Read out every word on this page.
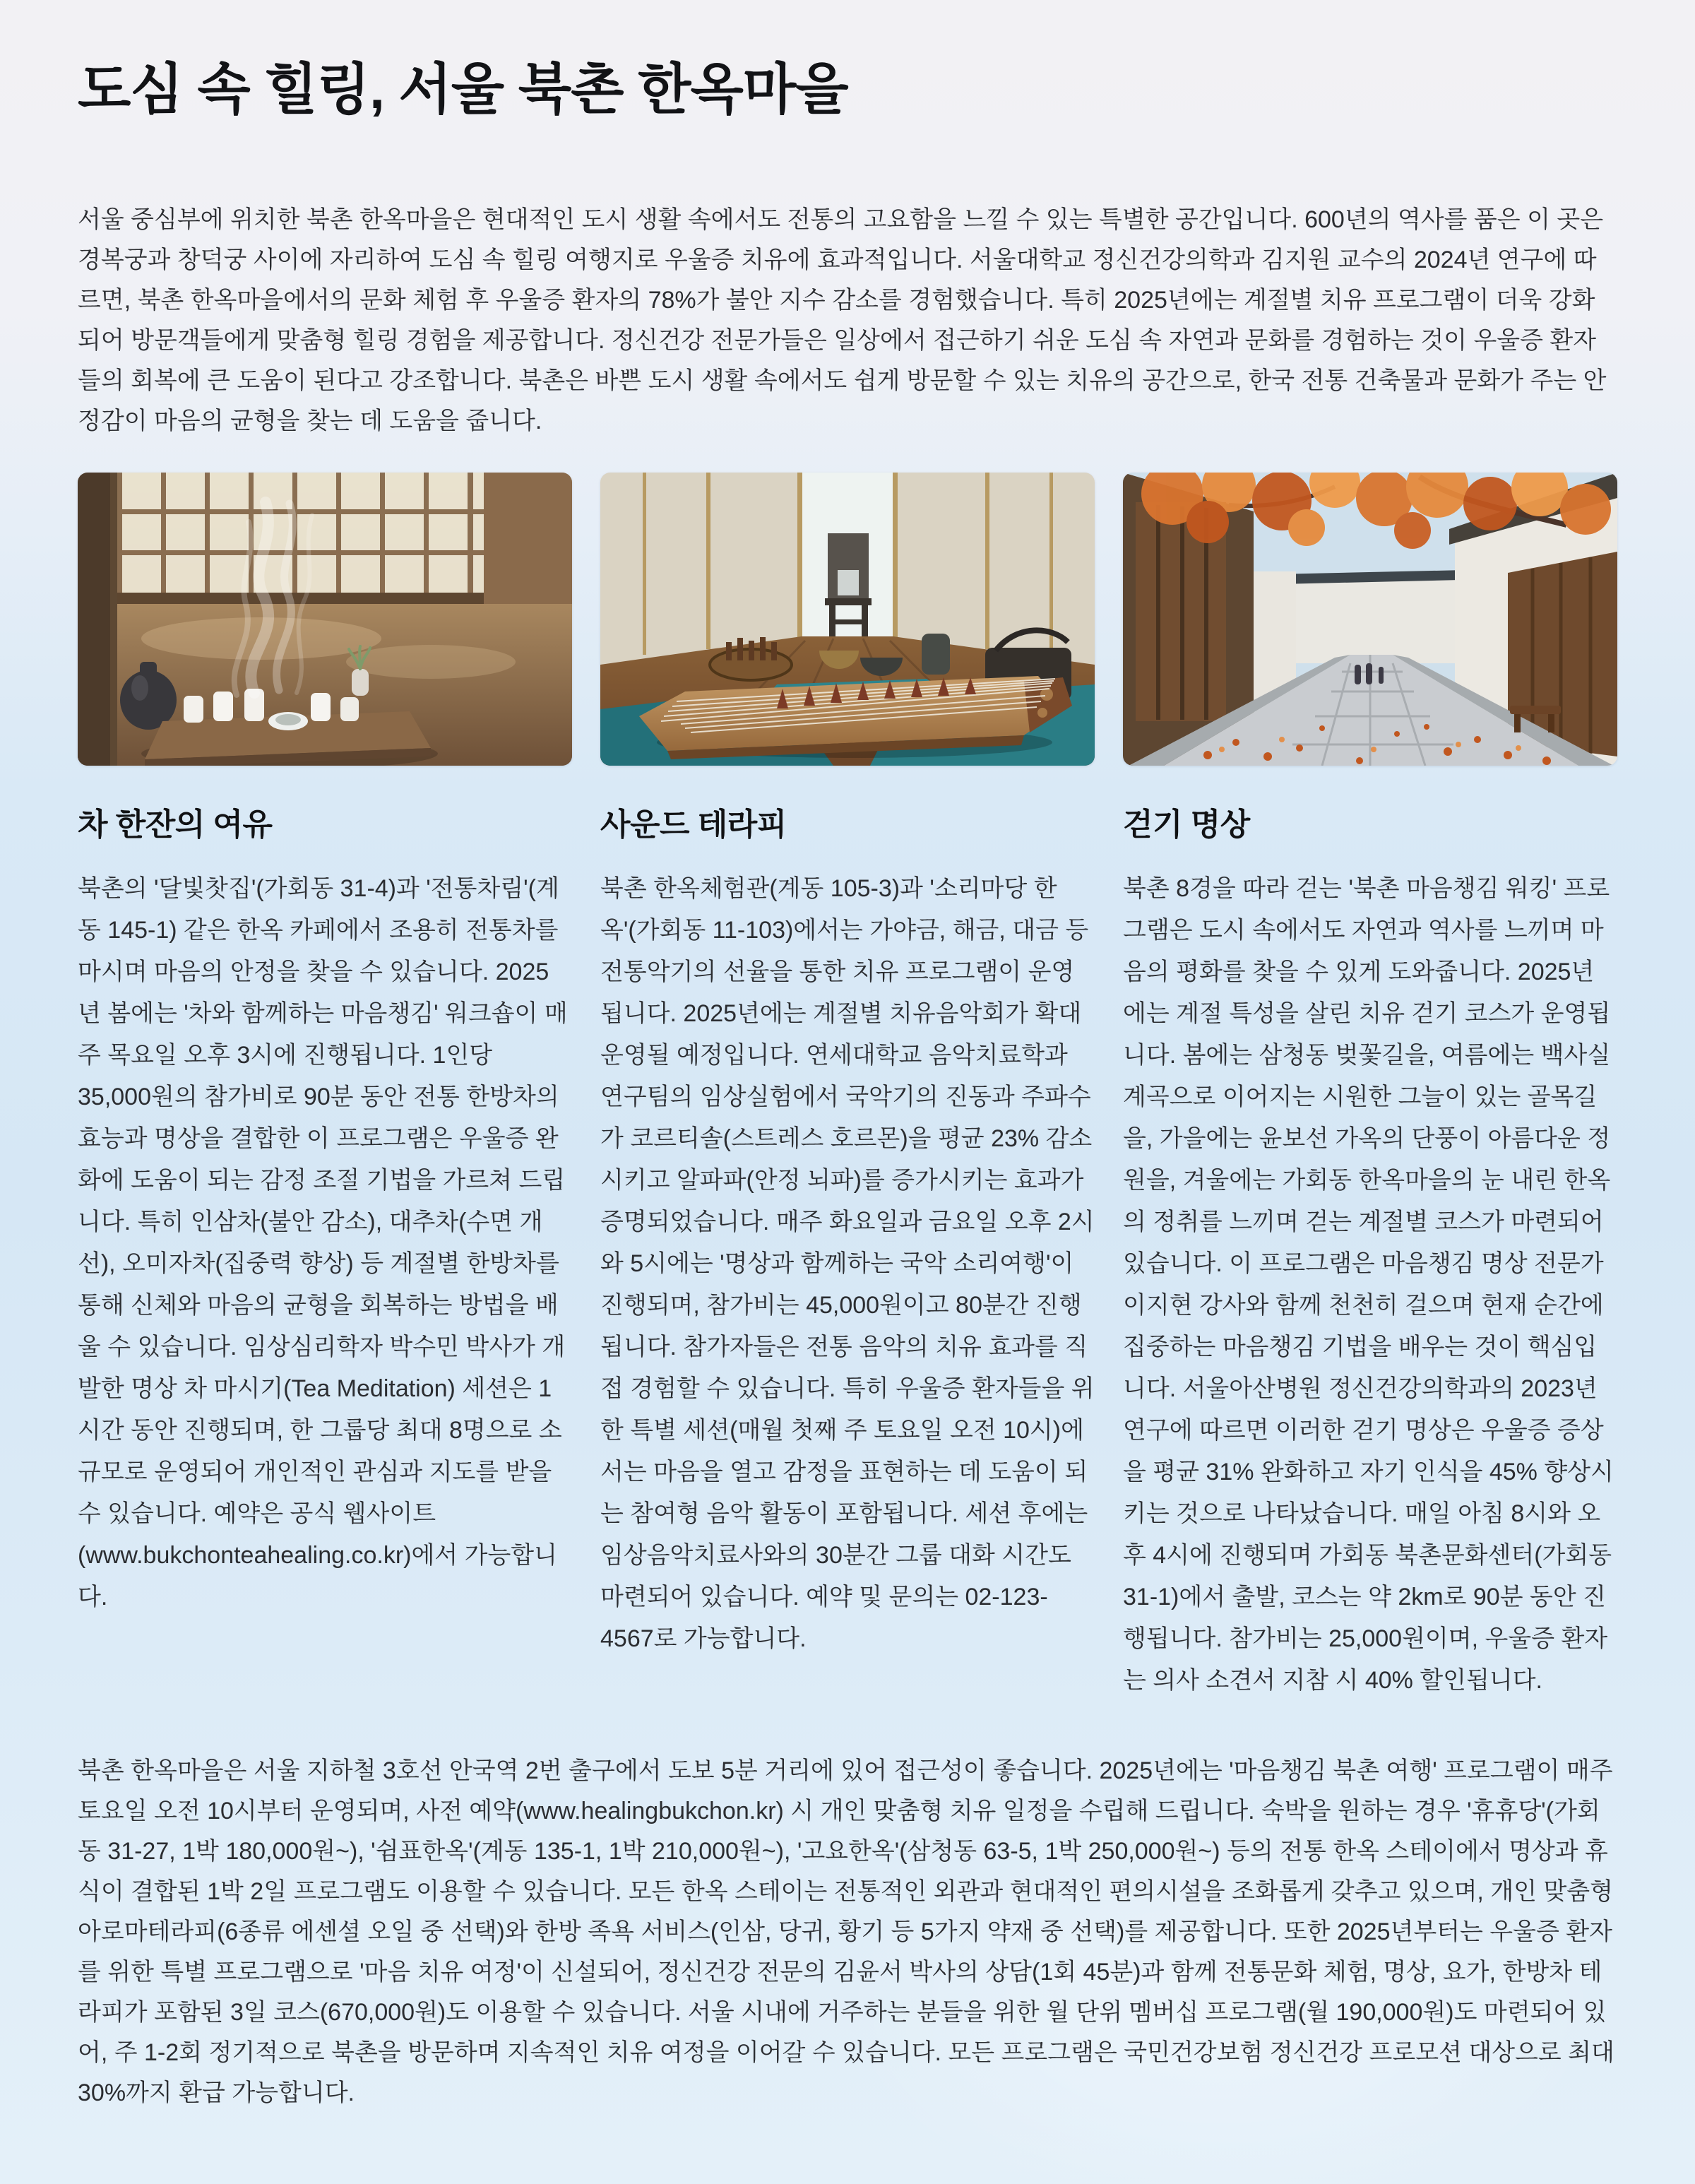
도심 속 힐링, 서울 북촌 한옥마을

서울 중심부에 위치한 북촌 한옥마을은 현대적인 도시 생활 속에서도 전통의 고요함을 느낄 수 있는 특별한 공간입니다. 600년의 역사를 품은 이 곳은 경복궁과 창덕궁 사이에 자리하여 도심 속 힐링 여행지로 우울증 치유에 효과적입니다. 서울대학교 정신건강의학과 김지원 교수의 2024년 연구에 따르면, 북촌 한옥마을에서의 문화 체험 후 우울증 환자의 78%가 불안 지수 감소를 경험했습니다. 특히 2025년에는 계절별 치유 프로그램이 더욱 강화되어 방문객들에게 맞춤형 힐링 경험을 제공합니다. 정신건강 전문가들은 일상에서 접근하기 쉬운 도심 속 자연과 문화를 경험하는 것이 우울증 환자들의 회복에 큰 도움이 된다고 강조합니다. 북촌은 바쁜 도시 생활 속에서도 쉽게 방문할 수 있는 치유의 공간으로, 한국 전통 건축물과 문화가 주는 안정감이 마음의 균형을 찾는 데 도움을 줍니다.

차 한잔의 여유

북촌의 '달빛찻집'(가회동 31-4)과 '전통차림'(계동 145-1) 같은 한옥 카페에서 조용히 전통차를 마시며 마음의 안정을 찾을 수 있습니다. 2025년 봄에는 '차와 함께하는 마음챙김' 워크숍이 매주 목요일 오후 3시에 진행됩니다. 1인당 35,000원의 참가비로 90분 동안 전통 한방차의 효능과 명상을 결합한 이 프로그램은 우울증 완화에 도움이 되는 감정 조절 기법을 가르쳐 드립니다. 특히 인삼차(불안 감소), 대추차(수면 개선), 오미자차(집중력 향상) 등 계절별 한방차를 통해 신체와 마음의 균형을 회복하는 방법을 배울 수 있습니다. 임상심리학자 박수민 박사가 개발한 명상 차 마시기(Tea Meditation) 세션은 1시간 동안 진행되며, 한 그룹당 최대 8명으로 소규모로 운영되어 개인적인 관심과 지도를 받을 수 있습니다. 예약은 공식 웹사이트 (www.bukchonteahealing.co.kr)에서 가능합니다.

사운드 테라피

북촌 한옥체험관(계동 105-3)과 '소리마당 한옥'(가회동 11-103)에서는 가야금, 해금, 대금 등 전통악기의 선율을 통한 치유 프로그램이 운영됩니다. 2025년에는 계절별 치유음악회가 확대 운영될 예정입니다. 연세대학교 음악치료학과 연구팀의 임상실험에서 국악기의 진동과 주파수가 코르티솔(스트레스 호르몬)을 평균 23% 감소시키고 알파파(안정 뇌파)를 증가시키는 효과가 증명되었습니다. 매주 화요일과 금요일 오후 2시와 5시에는 '명상과 함께하는 국악 소리여행'이 진행되며, 참가비는 45,000원이고 80분간 진행됩니다. 참가자들은 전통 음악의 치유 효과를 직접 경험할 수 있습니다. 특히 우울증 환자들을 위한 특별 세션(매월 첫째 주 토요일 오전 10시)에서는 마음을 열고 감정을 표현하는 데 도움이 되는 참여형 음악 활동이 포함됩니다. 세션 후에는 임상음악치료사와의 30분간 그룹 대화 시간도 마련되어 있습니다. 예약 및 문의는 02-123-4567로 가능합니다.

걷기 명상

북촌 8경을 따라 걷는 '북촌 마음챙김 워킹' 프로그램은 도시 속에서도 자연과 역사를 느끼며 마음의 평화를 찾을 수 있게 도와줍니다. 2025년에는 계절 특성을 살린 치유 걷기 코스가 운영됩니다. 봄에는 삼청동 벚꽃길을, 여름에는 백사실 계곡으로 이어지는 시원한 그늘이 있는 골목길을, 가을에는 윤보선 가옥의 단풍이 아름다운 정원을, 겨울에는 가회동 한옥마을의 눈 내린 한옥의 정취를 느끼며 걷는 계절별 코스가 마련되어 있습니다. 이 프로그램은 마음챙김 명상 전문가 이지현 강사와 함께 천천히 걸으며 현재 순간에 집중하는 마음챙김 기법을 배우는 것이 핵심입니다. 서울아산병원 정신건강의학과의 2023년 연구에 따르면 이러한 걷기 명상은 우울증 증상을 평균 31% 완화하고 자기 인식을 45% 향상시키는 것으로 나타났습니다. 매일 아침 8시와 오후 4시에 진행되며 가회동 북촌문화센터(가회동 31-1)에서 출발, 코스는 약 2km로 90분 동안 진행됩니다. 참가비는 25,000원이며, 우울증 환자는 의사 소견서 지참 시 40% 할인됩니다.

북촌 한옥마을은 서울 지하철 3호선 안국역 2번 출구에서 도보 5분 거리에 있어 접근성이 좋습니다. 2025년에는 '마음챙김 북촌 여행' 프로그램이 매주 토요일 오전 10시부터 운영되며, 사전 예약(www.healingbukchon.kr) 시 개인 맞춤형 치유 일정을 수립해 드립니다. 숙박을 원하는 경우 '휴휴당'(가회동 31-27, 1박 180,000원~), '쉼표한옥'(계동 135-1, 1박 210,000원~), '고요한옥'(삼청동 63-5, 1박 250,000원~) 등의 전통 한옥 스테이에서 명상과 휴식이 결합된 1박 2일 프로그램도 이용할 수 있습니다. 모든 한옥 스테이는 전통적인 외관과 현대적인 편의시설을 조화롭게 갖추고 있으며, 개인 맞춤형 아로마테라피(6종류 에센셜 오일 중 선택)와 한방 족욕 서비스(인삼, 당귀, 황기 등 5가지 약재 중 선택)를 제공합니다. 또한 2025년부터는 우울증 환자를 위한 특별 프로그램으로 '마음 치유 여정'이 신설되어, 정신건강 전문의 김윤서 박사의 상담(1회 45분)과 함께 전통문화 체험, 명상, 요가, 한방차 테라피가 포함된 3일 코스(670,000원)도 이용할 수 있습니다. 서울 시내에 거주하는 분들을 위한 월 단위 멤버십 프로그램(월 190,000원)도 마련되어 있어, 주 1-2회 정기적으로 북촌을 방문하며 지속적인 치유 여정을 이어갈 수 있습니다. 모든 프로그램은 국민건강보험 정신건강 프로모션 대상으로 최대 30%까지 환급 가능합니다.
